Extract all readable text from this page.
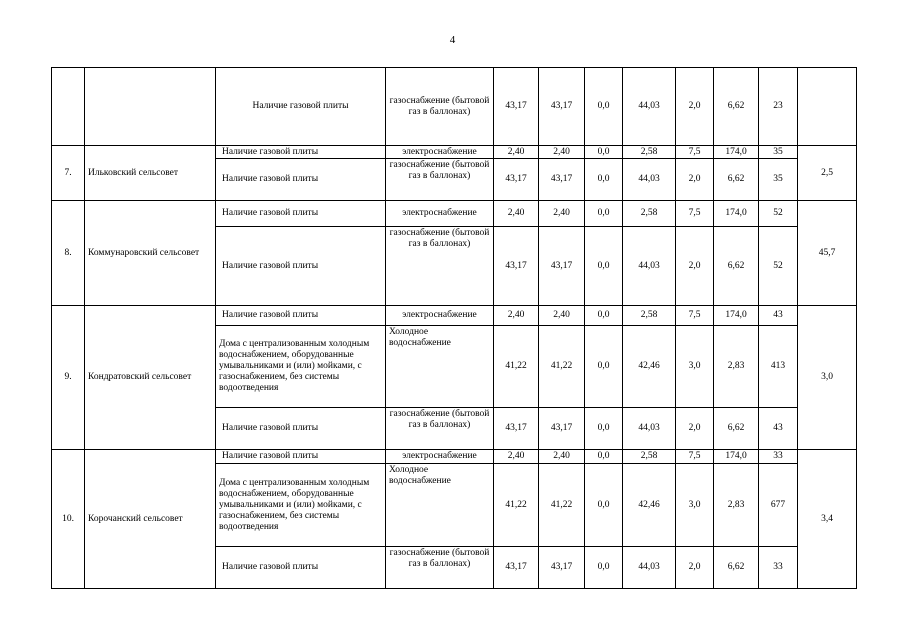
4
		Наличие газовой плиты	газоснабжение (бытовой газ в баллонах)	43,17	43,17	0,0	44,03	2,0	6,62	23	
7.	Ильковский сельсовет	Наличие газовой плиты	электроснабжение	2,40	2,40	0,0	2,58	7,5	174,0	35	2,5
		Наличие газовой плиты	газоснабжение (бытовой газ в баллонах)	43,17	43,17	0,0	44,03	2,0	6,62	35	
8.	Коммунаровский сельсовет	Наличие газовой плиты	электроснабжение	2,40	2,40	0,0	2,58	7,5	174,0	52	45,7
		Наличие газовой плиты	газоснабжение (бытовой газ в баллонах)	43,17	43,17	0,0	44,03	2,0	6,62	52	
9.	Кондратовский сельсовет	Наличие газовой плиты	электроснабжение	2,40	2,40	0,0	2,58	7,5	174,0	43	3,0
		Дома с централизованным холодным водоснабжением, оборудованные умывальниками и (или) мойками, с газоснабжением, без системы водоотведения	Холодное водоснабжение	41,22	41,22	0,0	42,46	3,0	2,83	413	
		Наличие газовой плиты	газоснабжение (бытовой газ в баллонах)	43,17	43,17	0,0	44,03	2,0	6,62	43	
10.	Корочанский сельсовет	Наличие газовой плиты	электроснабжение	2,40	2,40	0,0	2,58	7,5	174,0	33	3,4
		Дома с централизованным холодным водоснабжением, оборудованные умывальниками и (или) мойками, с газоснабжением, без системы водоотведения	Холодное водоснабжение	41,22	41,22	0,0	42,46	3,0	2,83	677	
		Наличие газовой плиты	газоснабжение (бытовой газ в баллонах)	43,17	43,17	0,0	44,03	2,0	6,62	33	
